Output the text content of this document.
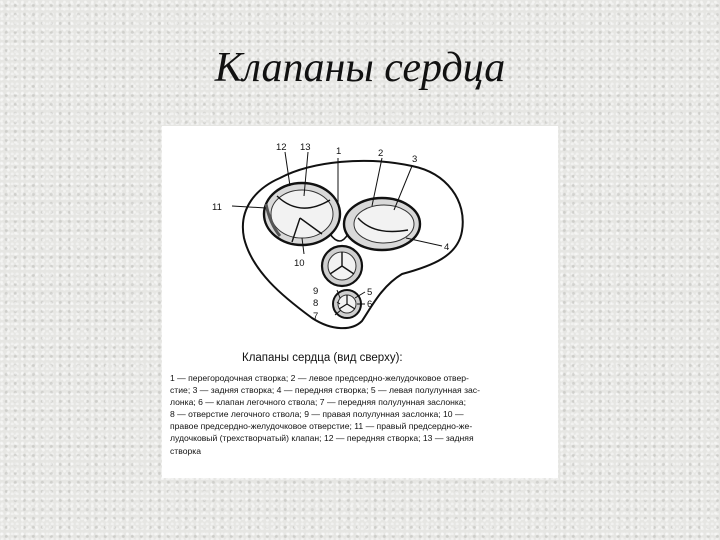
Клапаны сердца
1	2
3
4
5
6
7
8
9
10
11
12 13
Клапаны сердца (вид сверху):
1 — перегородочная створка; 2 — левое предсердно-желудочковое отвер-
стие; 3 — задняя створка; 4 — передняя створка; 5 — левая полулунная зас-
лонка; 6 — клапан легочного ствола; 7 — передняя полулунная заслонка;
8 — отверстие легочного ствола; 9 — правая полулунная заслонка; 10 —
правое предсердно-желудочковое отверстие; 11 — правый предсердно-же-
лудочковый (трехстворчатый) клапан; 12 — передняя створка; 13 — задняя
створка
